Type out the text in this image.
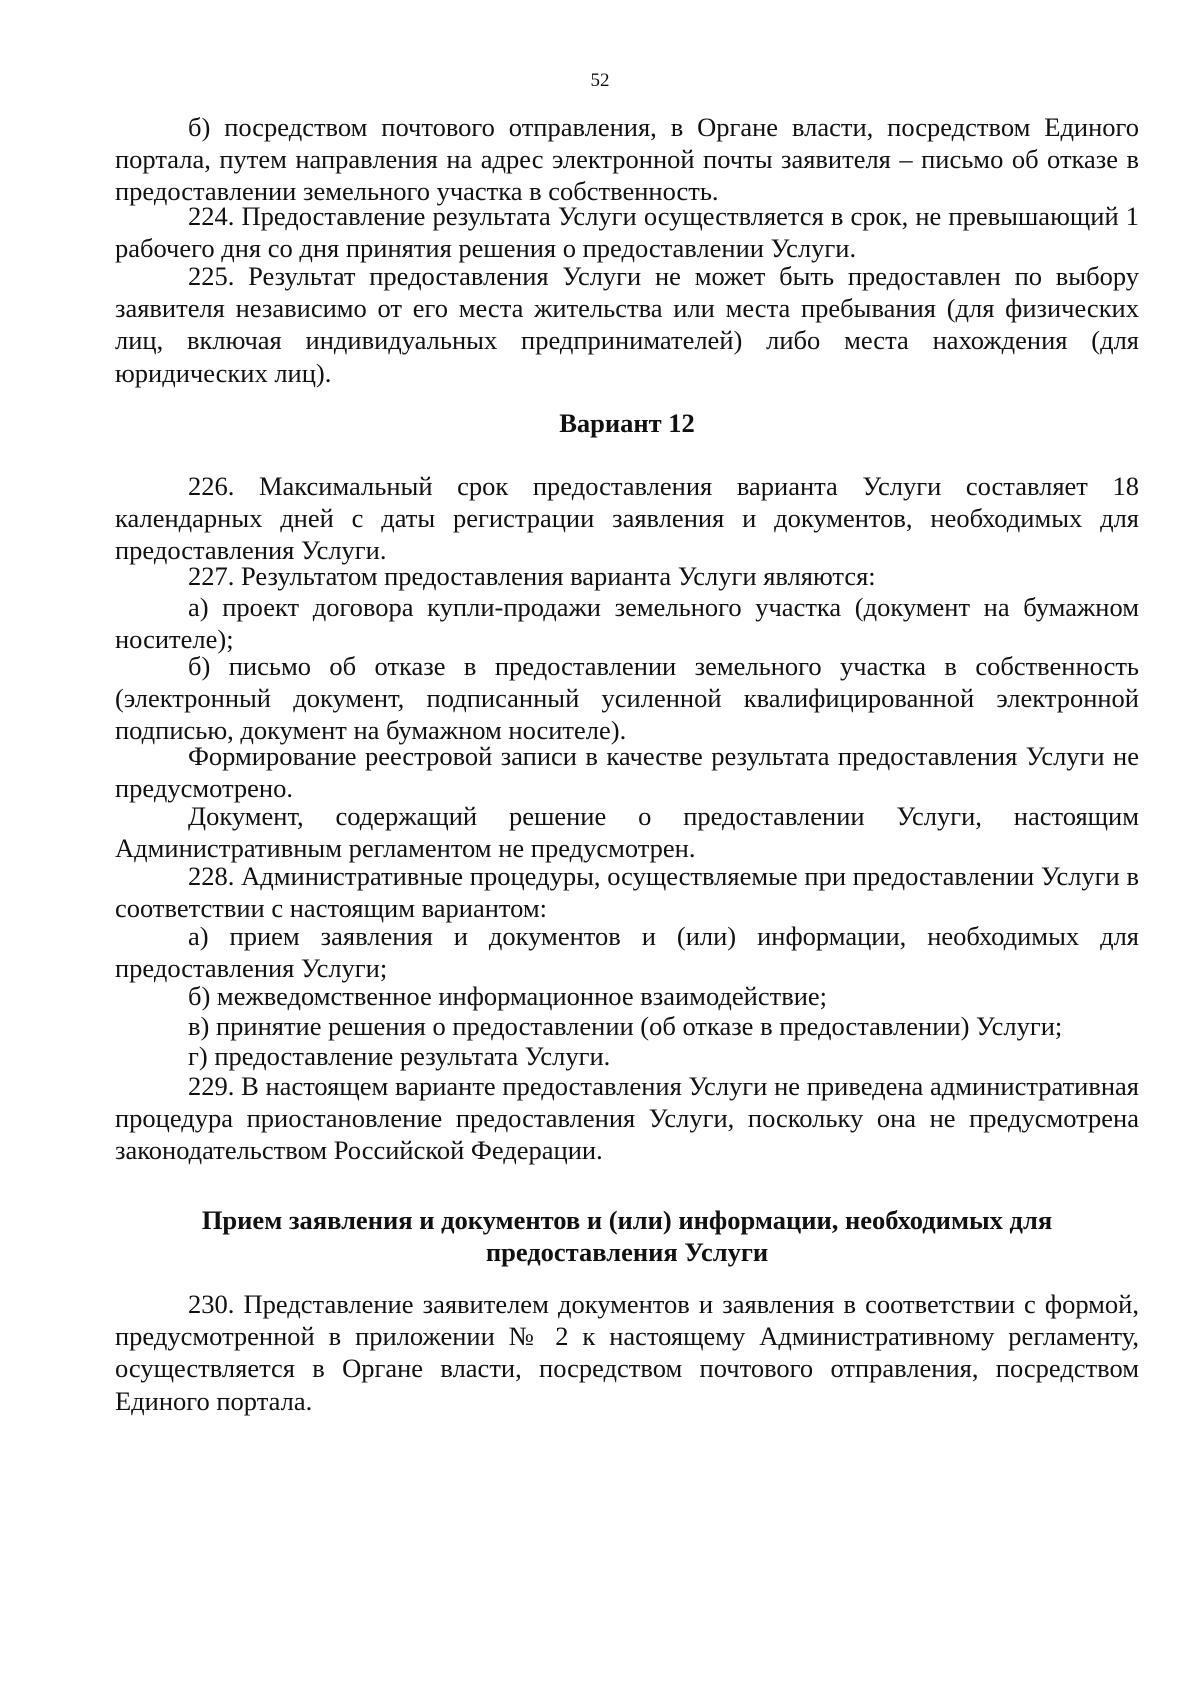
52

б) посредством почтового отправления, в Органе власти, посредством Единого портала, путем направления на адрес электронной почты заявителя – письмо об отказе в предоставлении земельного участка в собственность.

224. Предоставление результата Услуги осуществляется в срок, не превышающий 1 рабочего дня со дня принятия решения о предоставлении Услуги.

225. Результат предоставления Услуги не может быть предоставлен по выбору заявителя независимо от его места жительства или места пребывания (для физических лиц, включая индивидуальных предпринимателей) либо места нахождения (для юридических лиц).

Вариант 12

226. Максимальный срок предоставления варианта Услуги составляет 18 календарных дней с даты регистрации заявления и документов, необходимых для предоставления Услуги.

227. Результатом предоставления варианта Услуги являются:

а) проект договора купли-продажи земельного участка (документ на бумажном носителе);

б) письмо об отказе в предоставлении земельного участка в собственность (электронный документ, подписанный усиленной квалифицированной электронной подписью, документ на бумажном носителе).

Формирование реестровой записи в качестве результата предоставления Услуги не предусмотрено.

Документ, содержащий решение о предоставлении Услуги, настоящим Административным регламентом не предусмотрен.

228. Административные процедуры, осуществляемые при предоставлении Услуги в соответствии с настоящим вариантом:

а) прием заявления и документов и (или) информации, необходимых для предоставления Услуги;

б) межведомственное информационное взаимодействие;

в) принятие решения о предоставлении (об отказе в предоставлении) Услуги;

г) предоставление результата Услуги.

229. В настоящем варианте предоставления Услуги не приведена административная процедура приостановление предоставления Услуги, поскольку она не предусмотрена законодательством Российской Федерации.

Прием заявления и документов и (или) информации, необходимых для предоставления Услуги

230. Представление заявителем документов и заявления в соответствии с формой, предусмотренной в приложении № 2 к настоящему Административному регламенту, осуществляется в Органе власти, посредством почтового отправления, посредством Единого портала.
